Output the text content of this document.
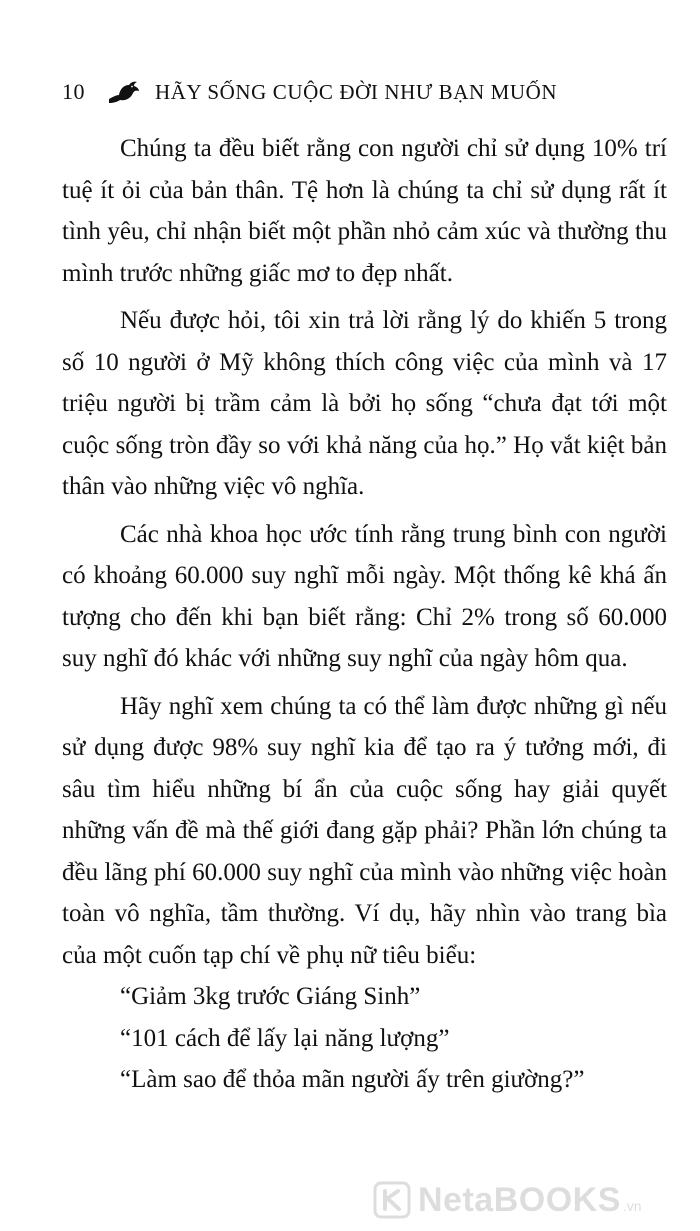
10	HÃY SỐNG CUỘC ĐỜI NHƯ BẠN MUỐN

Chúng ta đều biết rằng con người chỉ sử dụng 10% trí tuệ ít ỏi của bản thân. Tệ hơn là chúng ta chỉ sử dụng rất ít tình yêu, chỉ nhận biết một phần nhỏ cảm xúc và thường thu mình trước những giấc mơ to đẹp nhất.

Nếu được hỏi, tôi xin trả lời rằng lý do khiến 5 trong số 10 người ở Mỹ không thích công việc của mình và 17 triệu người bị trầm cảm là bởi họ sống “chưa đạt tới một cuộc sống tròn đầy so với khả năng của họ.” Họ vắt kiệt bản thân vào những việc vô nghĩa.

Các nhà khoa học ước tính rằng trung bình con người có khoảng 60.000 suy nghĩ mỗi ngày. Một thống kê khá ấn tượng cho đến khi bạn biết rằng: Chỉ 2% trong số 60.000 suy nghĩ đó khác với những suy nghĩ của ngày hôm qua.

Hãy nghĩ xem chúng ta có thể làm được những gì nếu sử dụng được 98% suy nghĩ kia để tạo ra ý tưởng mới, đi sâu tìm hiểu những bí ẩn của cuộc sống hay giải quyết những vấn đề mà thế giới đang gặp phải? Phần lớn chúng ta đều lãng phí 60.000 suy nghĩ của mình vào những việc hoàn toàn vô nghĩa, tầm thường. Ví dụ, hãy nhìn vào trang bìa của một cuốn tạp chí về phụ nữ tiêu biểu:

“Giảm 3kg trước Giáng Sinh”

“101 cách để lấy lại năng lượng”

“Làm sao để thỏa mãn người ấy trên giường?”

NetaBOOKS .vn
